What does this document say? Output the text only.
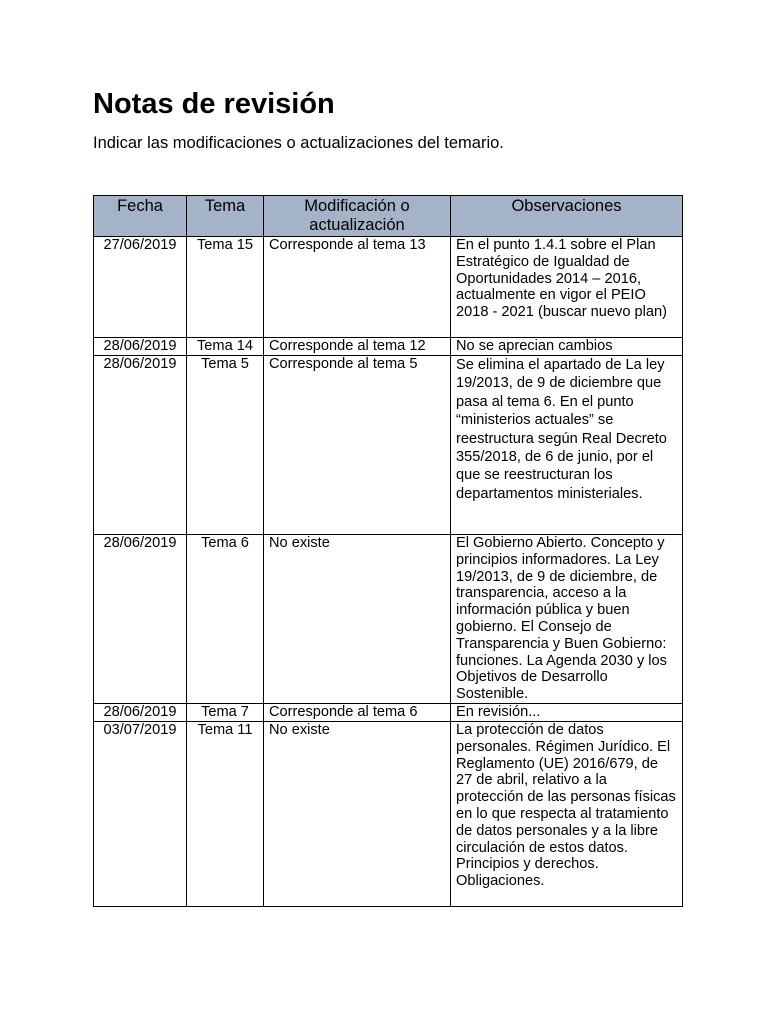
Notas de revisión

Indicar las modificaciones o actualizaciones del temario.

Fecha	Tema	Modificación o actualización	Observaciones
27/06/2019	Tema 15	Corresponde al tema 13	En el punto 1.4.1 sobre el Plan Estratégico de Igualdad de Oportunidades 2014 – 2016, actualmente en vigor el PEIO 2018 - 2021 (buscar nuevo plan)
28/06/2019	Tema 14	Corresponde al tema 12	No se aprecian cambios
28/06/2019	Tema 5	Corresponde al tema 5	Se elimina el apartado de La ley 19/2013, de 9 de diciembre que pasa al tema 6. En el punto “ministerios actuales” se reestructura según Real Decreto 355/2018, de 6 de junio, por el que se reestructuran los departamentos ministeriales.
28/06/2019	Tema 6	No existe	El Gobierno Abierto. Concepto y principios informadores. La Ley 19/2013, de 9 de diciembre, de transparencia, acceso a la información pública y buen gobierno. El Consejo de Transparencia y Buen Gobierno: funciones. La Agenda 2030 y los Objetivos de Desarrollo Sostenible.
28/06/2019	Tema 7	Corresponde al tema 6	En revisión...
03/07/2019	Tema 11	No existe	La protección de datos personales. Régimen Jurídico. El Reglamento (UE) 2016/679, de 27 de abril, relativo a la protección de las personas físicas en lo que respecta al tratamiento de datos personales y a la libre circulación de estos datos. Principios y derechos. Obligaciones.
